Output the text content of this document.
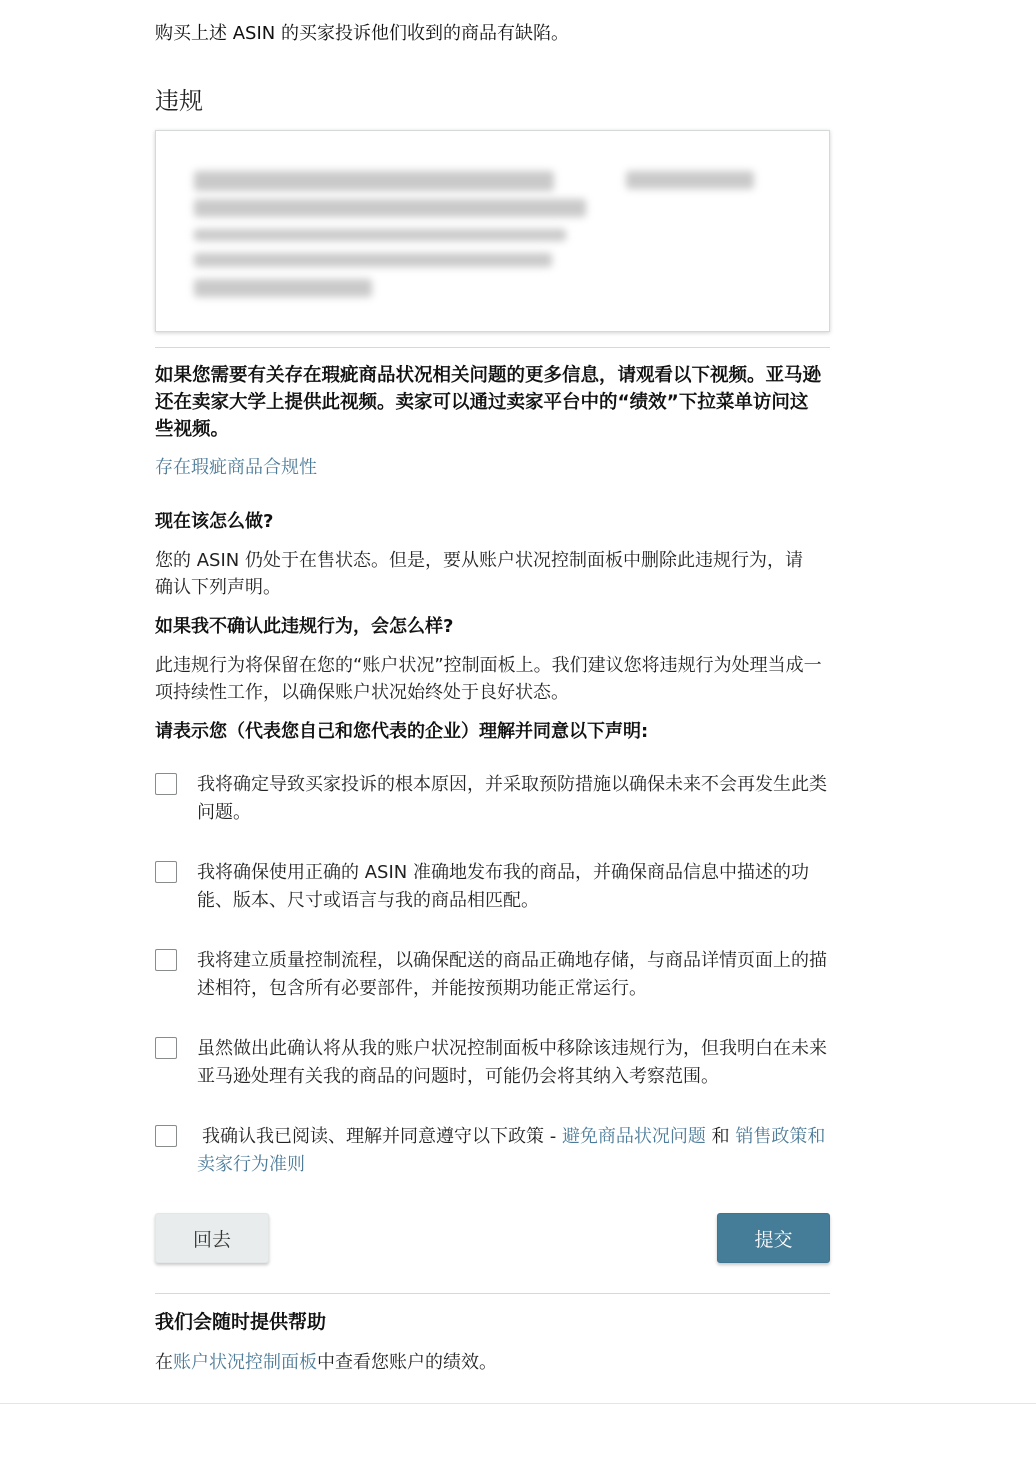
购买上述 ASIN 的买家投诉他们收到的商品有缺陷。
违规
如果您需要有关存在瑕疵商品状况相关问题的更多信息，请观看以下视频。亚马逊还在卖家大学上提供此视频。卖家可以通过卖家平台中的“绩效”下拉菜单访问这些视频。
存在瑕疵商品合规性
现在该怎么做?
您的 ASIN 仍处于在售状态。但是，要从账户状况控制面板中删除此违规行为，请确认下列声明。
如果我不确认此违规行为，会怎么样?
此违规行为将保留在您的“账户状况”控制面板上。我们建议您将违规行为处理当成一项持续性工作，以确保账户状况始终处于良好状态。
请表示您（代表您自己和您代表的企业）理解并同意以下声明:
我将确定导致买家投诉的根本原因，并采取预防措施以确保未来不会再发生此类问题。
我将确保使用正确的 ASIN 准确地发布我的商品，并确保商品信息中描述的功能、版本、尺寸或语言与我的商品相匹配。
我将建立质量控制流程，以确保配送的商品正确地存储，与商品详情页面上的描述相符，包含所有必要部件，并能按预期功能正常运行。
虽然做出此确认将从我的账户状况控制面板中移除该违规行为，但我明白在未来亚马逊处理有关我的商品的问题时，可能仍会将其纳入考察范围。
我确认我已阅读、理解并同意遵守以下政策 - 避免商品状况问题 和 销售政策和卖家行为准则
回去	提交
我们会随时提供帮助
在账户状况控制面板中查看您账户的绩效。
